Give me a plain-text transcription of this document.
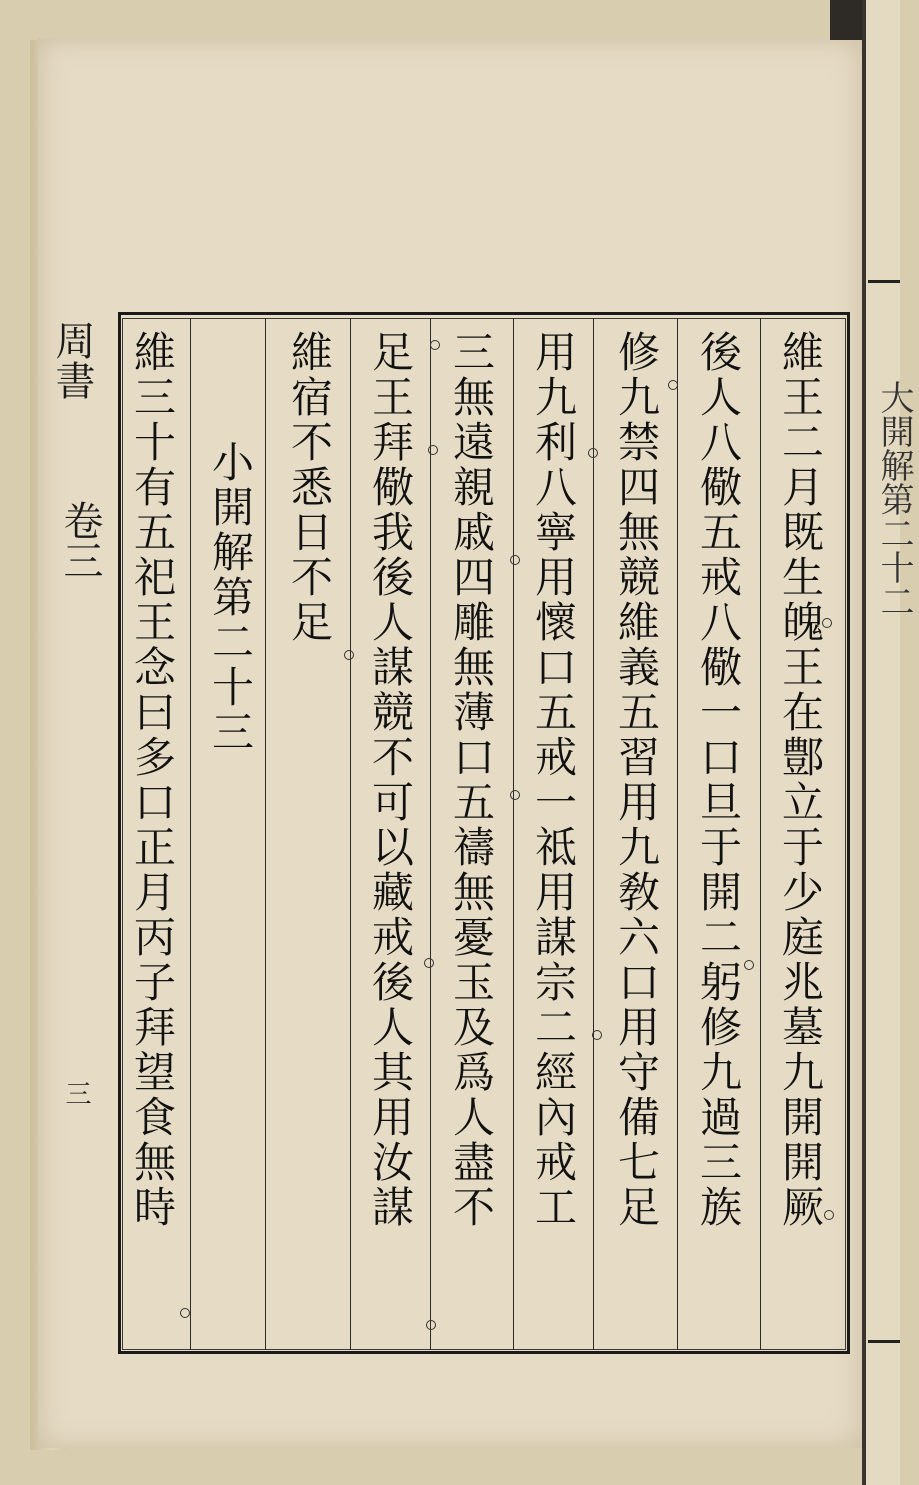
大開解第二十二
周書
卷三
三	維王二月既生魄王在鄷立于少庭兆墓九開開厥
後人八儆五戒八儆一口旦于開二躬修九過三族
修九禁四無競維義五習用九敎六口用守備七足
用九利八寧用懷口五戒一祗用謀宗二經內戒工
三無遠親戚四雕無薄口五禱無憂玉及爲人盡不
足王拜儆我後人謀競不可以藏戒後人其用汝謀
維宿不悉日不足
小開解第二十三
維三十有五祀王念曰多口正月丙子拜望食無時
